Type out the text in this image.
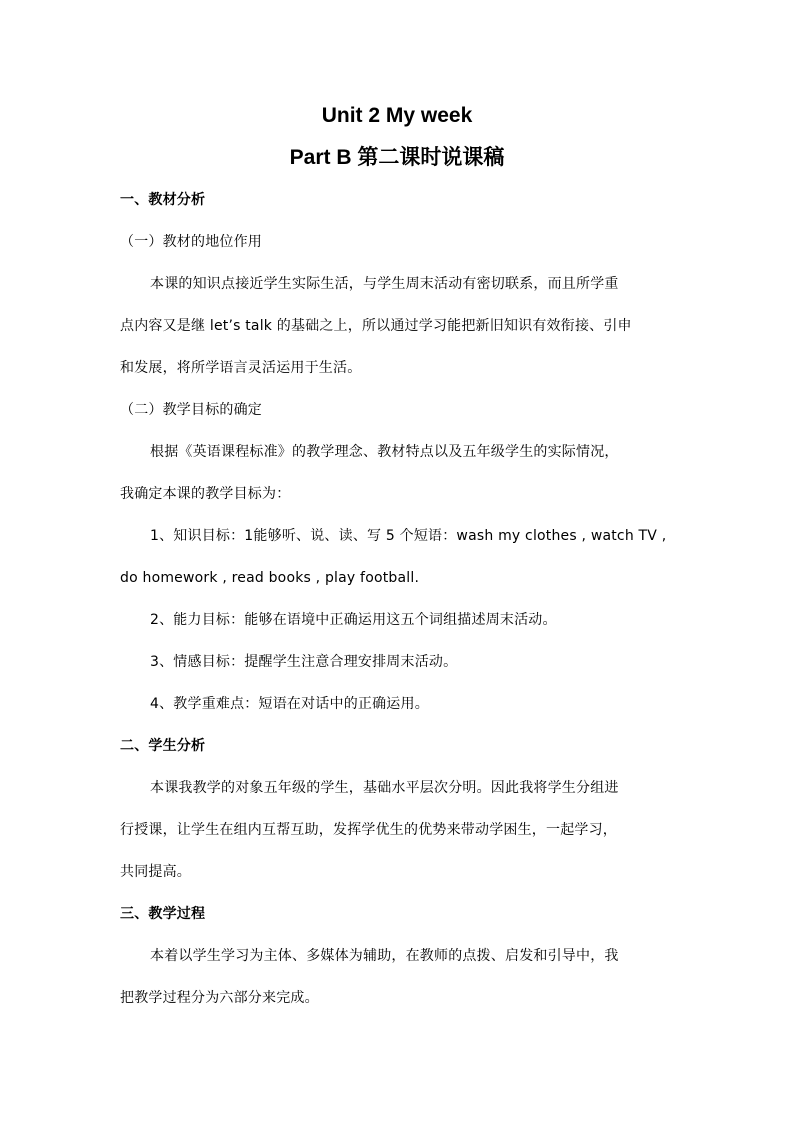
Unit 2 My week
Part B 第二课时说课稿
一、教材分析
（一）教材的地位作用
本课的知识点接近学生实际生活，与学生周末活动有密切联系，而且所学重
点内容又是继 let’s talk 的基础之上，所以通过学习能把新旧知识有效衔接、引申
和发展，将所学语言灵活运用于生活。
（二）教学目标的确定
根据《英语课程标准》的教学理念、教材特点以及五年级学生的实际情况，
我确定本课的教学目标为：
1、知识目标：1能够听、说、读、写 5 个短语：wash my clothes , watch TV ,
do homework , read books , play football.
2、能力目标：能够在语境中正确运用这五个词组描述周末活动。
3、情感目标：提醒学生注意合理安排周末活动。
4、教学重难点：短语在对话中的正确运用。
二、学生分析
本课我教学的对象五年级的学生，基础水平层次分明。因此我将学生分组进
行授课，让学生在组内互帮互助，发挥学优生的优势来带动学困生，一起学习，
共同提高。
三、教学过程
本着以学生学习为主体、多媒体为辅助，在教师的点拨、启发和引导中，我
把教学过程分为六部分来完成。
